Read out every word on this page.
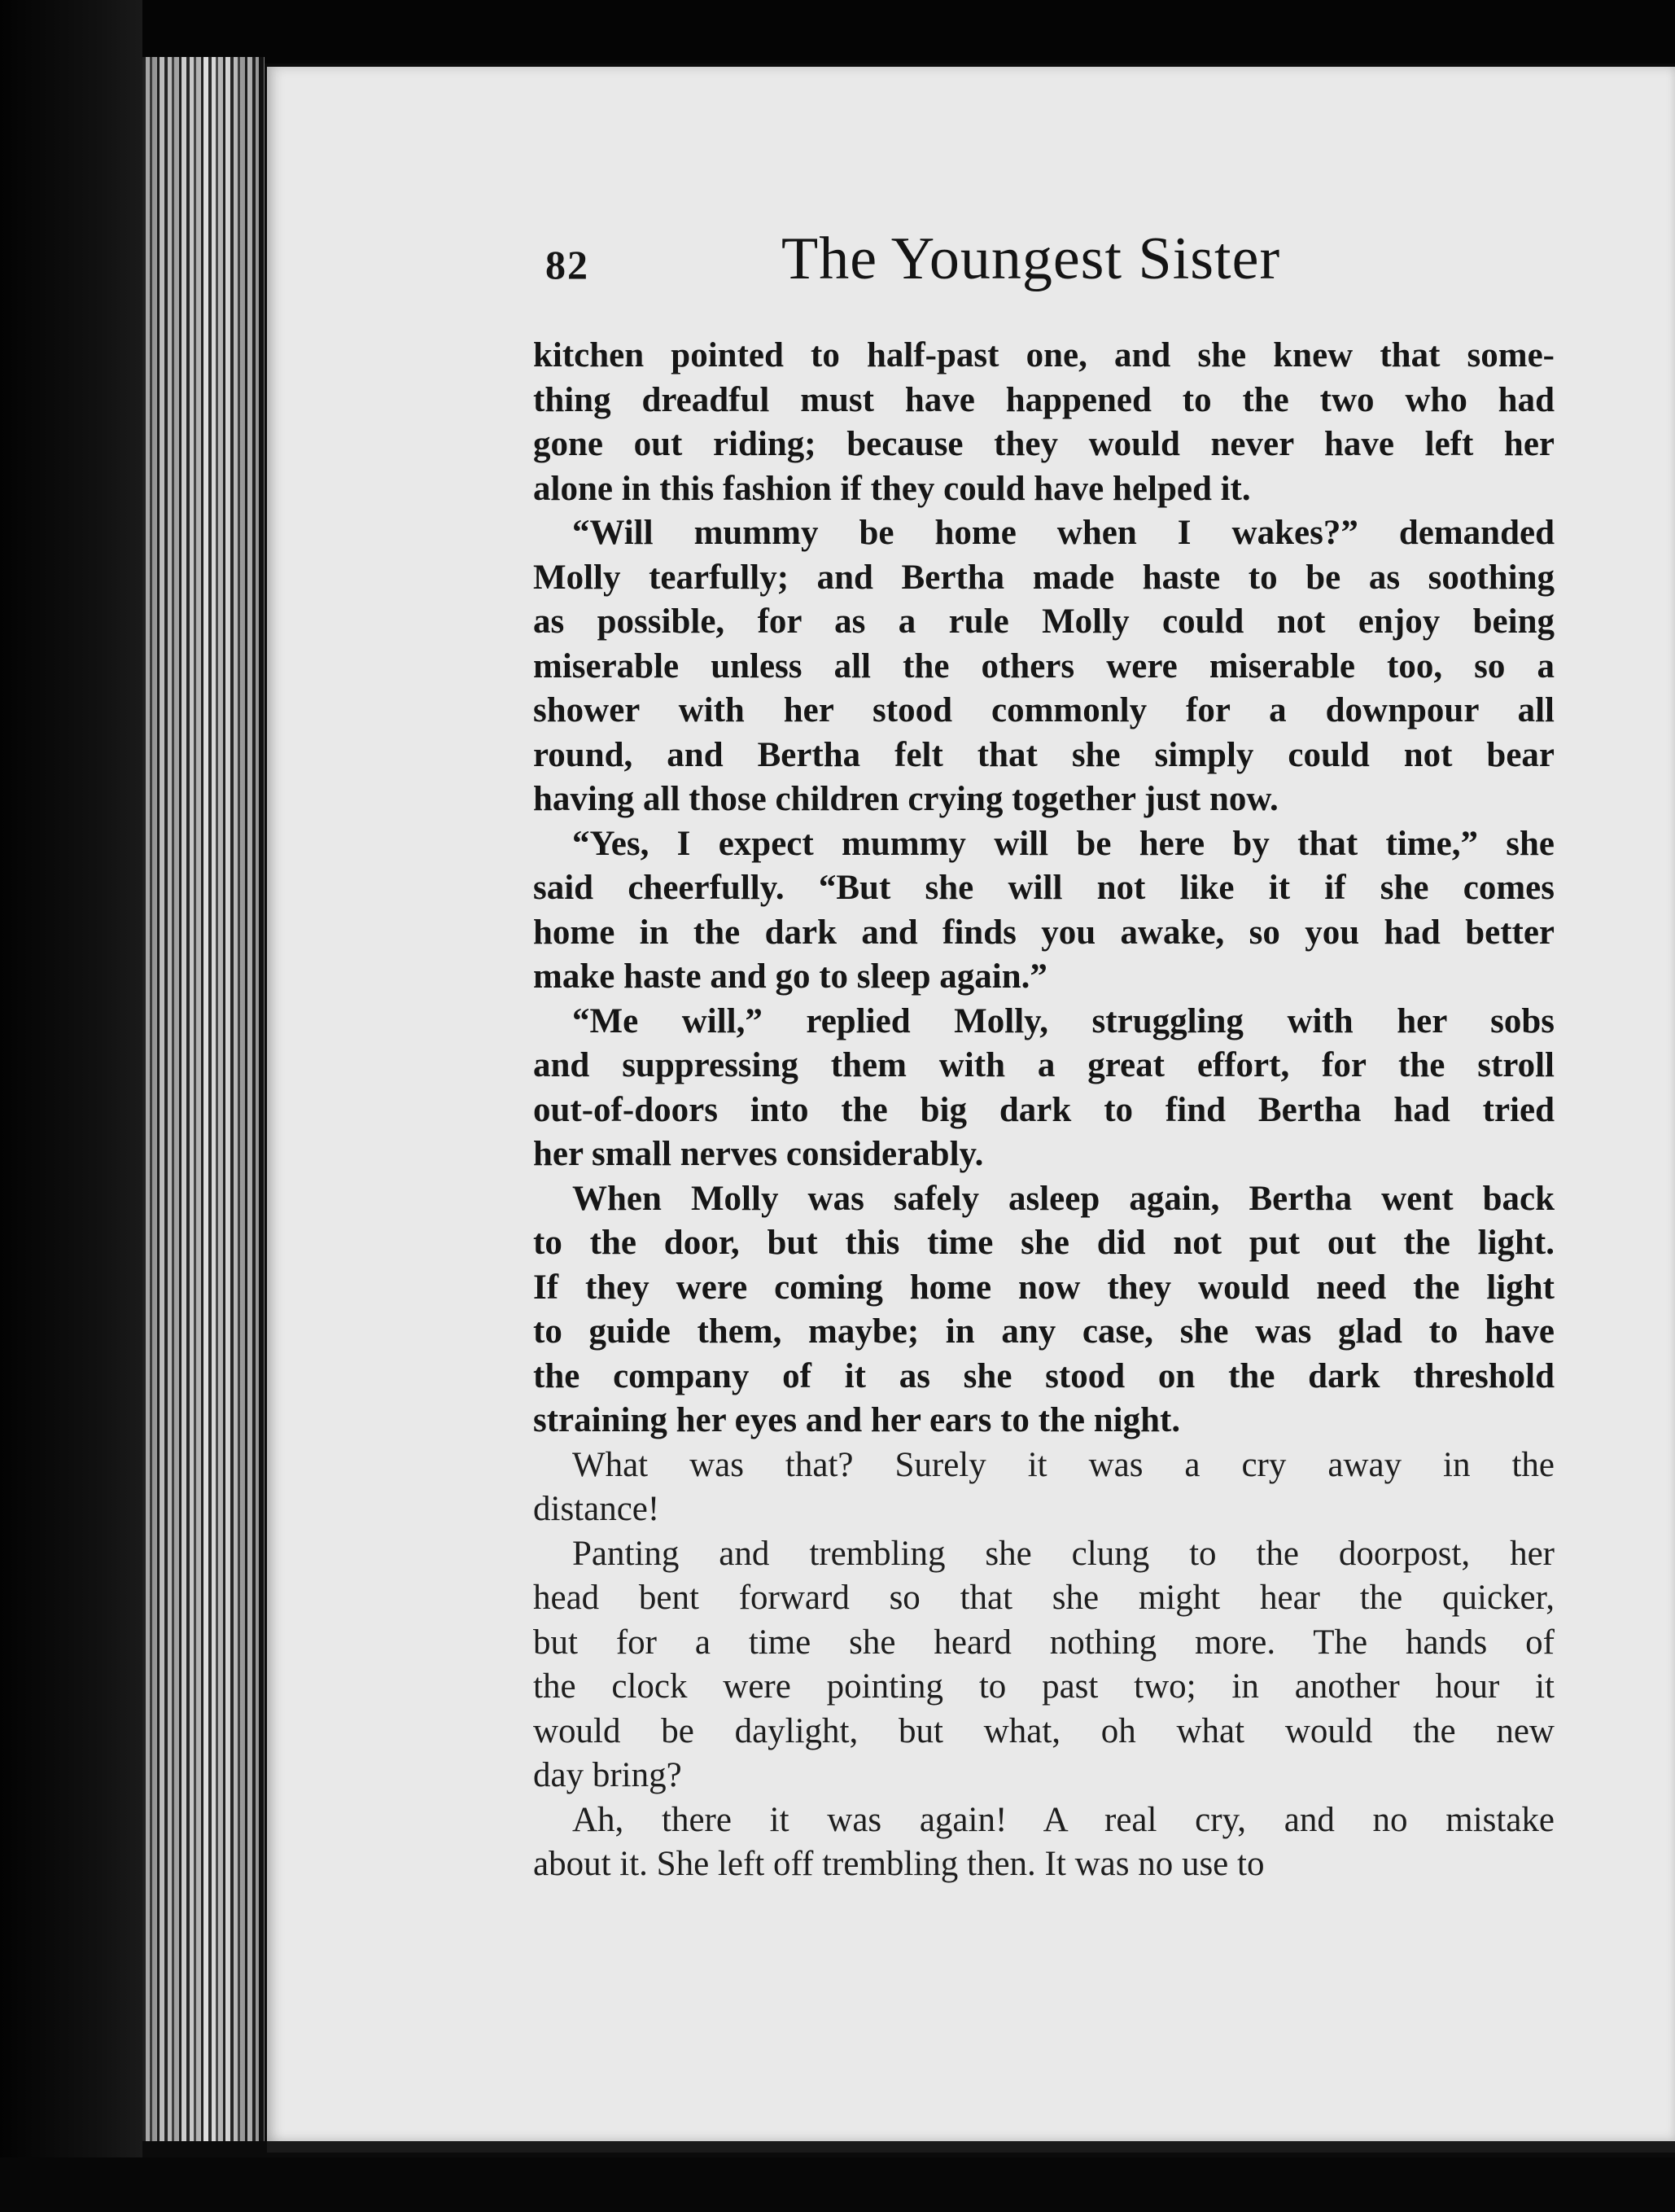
82	The Youngest Sister
kitchen pointed to half-past one, and she knew that some-
thing dreadful must have happened to the two who had
gone out riding; because they would never have left her
alone in this fashion if they could have helped it.
“Will mummy be home when I wakes?” demanded
Molly tearfully; and Bertha made haste to be as soothing
as possible, for as a rule Molly could not enjoy being
miserable unless all the others were miserable too, so a
shower with her stood commonly for a downpour all
round, and Bertha felt that she simply could not bear
having all those children crying together just now.
“Yes, I expect mummy will be here by that time,” she
said cheerfully. “But she will not like it if she comes
home in the dark and finds you awake, so you had better
make haste and go to sleep again.”
“Me will,” replied Molly, struggling with her sobs
and suppressing them with a great effort, for the stroll
out-of-doors into the big dark to find Bertha had tried
her small nerves considerably.
When Molly was safely asleep again, Bertha went back
to the door, but this time she did not put out the light.
If they were coming home now they would need the light
to guide them, maybe; in any case, she was glad to have
the company of it as she stood on the dark threshold
straining her eyes and her ears to the night.
What was that? Surely it was a cry away in the
distance!
Panting and trembling she clung to the doorpost, her
head bent forward so that she might hear the quicker,
but for a time she heard nothing more. The hands of
the clock were pointing to past two; in another hour it
would be daylight, but what, oh what would the new
day bring?
Ah, there it was again! A real cry, and no mistake
about it. She left off trembling then. It was no use to
